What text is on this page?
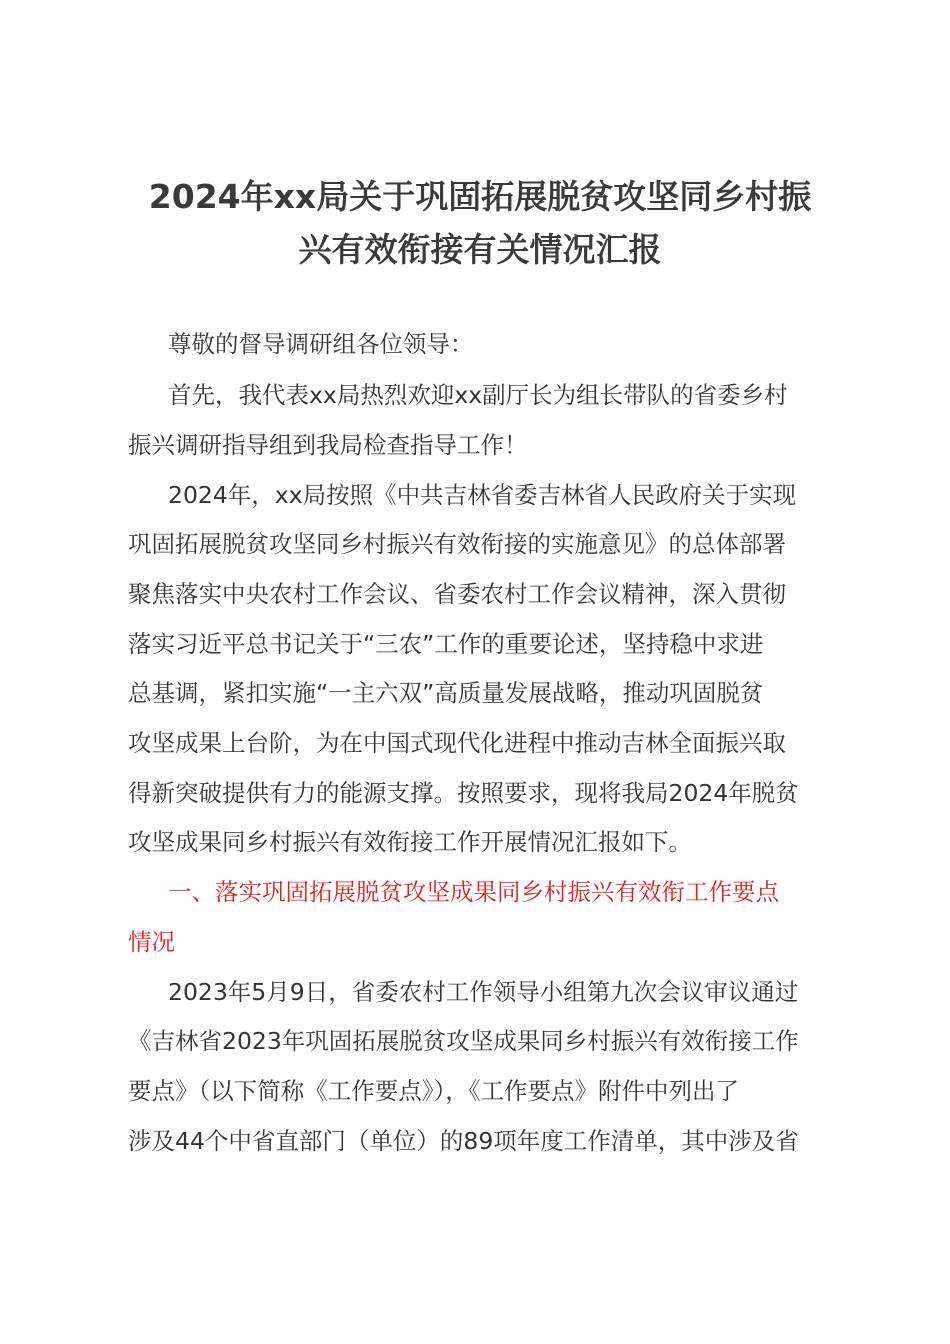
2024年xx局关于巩固拓展脱贫攻坚同乡村振
兴有效衔接有关情况汇报
尊敬的督导调研组各位领导：
首先，我代表xx局热烈欢迎xx副厅长为组长带队的省委乡村
振兴调研指导组到我局检查指导工作！
2024年，xx局按照《中共吉林省委吉林省人民政府关于实现
巩固拓展脱贫攻坚同乡村振兴有效衔接的实施意见》的总体部署
聚焦落实中央农村工作会议、省委农村工作会议精神，深入贯彻
落实习近平总书记关于“三农”工作的重要论述，坚持稳中求进
总基调，紧扣实施“一主六双”高质量发展战略，推动巩固脱贫
攻坚成果上台阶，为在中国式现代化进程中推动吉林全面振兴取
得新突破提供有力的能源支撑。按照要求，现将我局2024年脱贫
攻坚成果同乡村振兴有效衔接工作开展情况汇报如下。
一、落实巩固拓展脱贫攻坚成果同乡村振兴有效衔工作要点
情况
2023年5月9日，省委农村工作领导小组第九次会议审议通过
《吉林省2023年巩固拓展脱贫攻坚成果同乡村振兴有效衔接工作
要点》（以下简称《工作要点》），《工作要点》附件中列出了
涉及44个中省直部门（单位）的89项年度工作清单，其中涉及省
